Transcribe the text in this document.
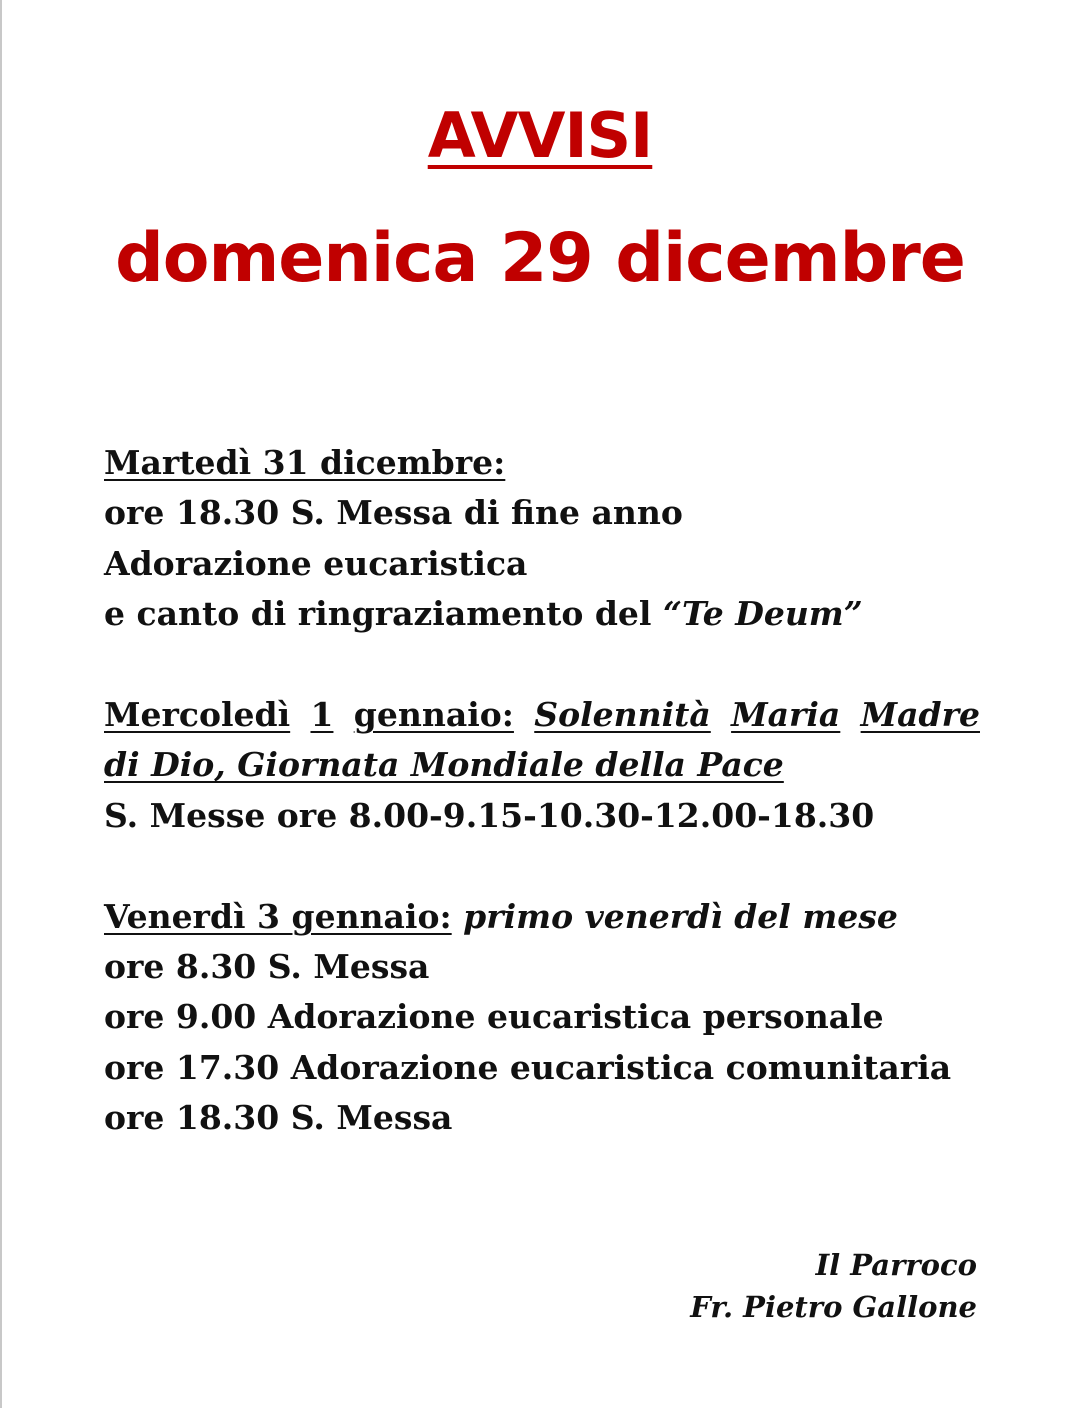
AVVISI
domenica 29 dicembre
Martedì 31 dicembre:
ore 18.30 S. Messa di fine anno
Adorazione eucaristica
e canto di ringraziamento del “Te Deum”
Mercoledì 1 gennaio: Solennità Maria Madre
di Dio, Giornata Mondiale della Pace
S. Messe ore 8.00-9.15-10.30-12.00-18.30
Venerdì 3 gennaio: primo venerdì del mese
ore 8.30 S. Messa
ore 9.00 Adorazione eucaristica personale
ore 17.30 Adorazione eucaristica comunitaria
ore 18.30 S. Messa
Il Parroco
Fr. Pietro Gallone
